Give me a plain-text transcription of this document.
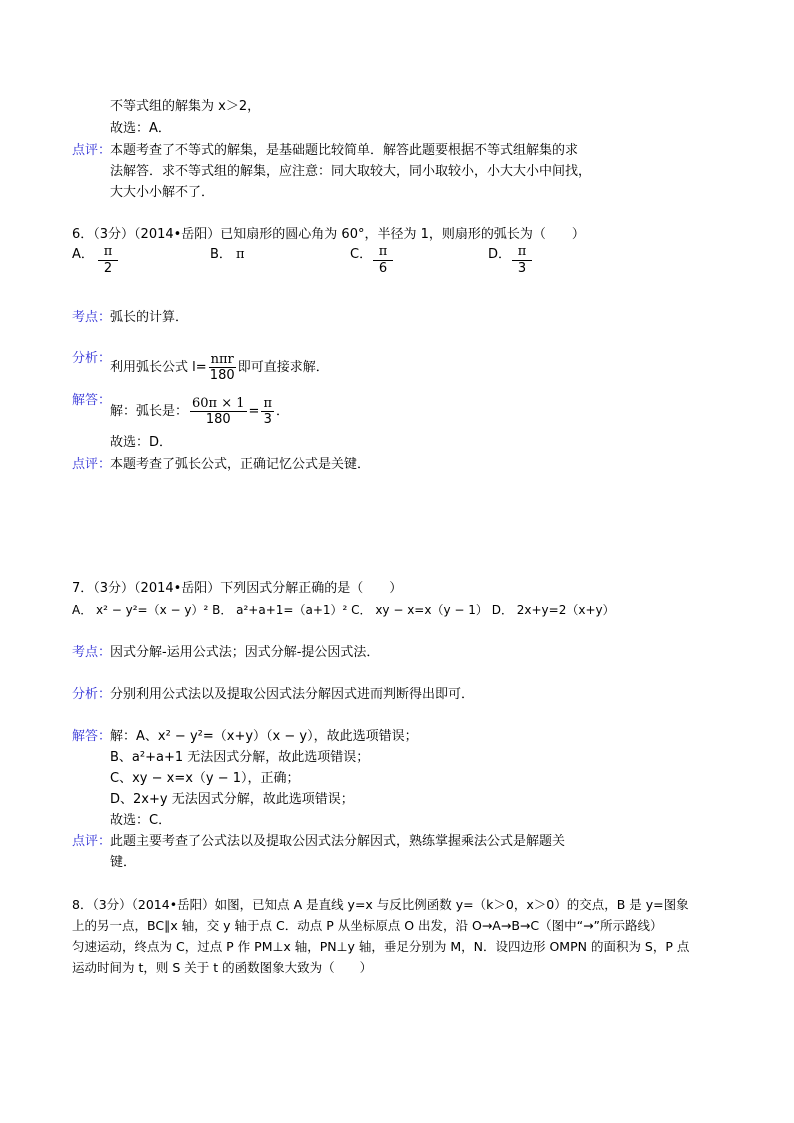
不等式组的解集为 x＞2，
故选：A．
点评：
本题考查了不等式的解集，是基础题比较简单．解答此题要根据不等式组解集的求
法解答．求不等式组的解集，应注意：同大取较大，同小取较小，小大大小中间找，
大大小小解不了．
6．（3分）（2014•岳阳）已知扇形的圆心角为 60°，半径为 1，则扇形的弧长为（　　）
A． π
2
B． π	C． π
6
D． π
3
考点：
弧长的计算．
分析：
利用弧长公式 $l= \frac{\text{nπr}}{180}$ 即可直接求解．
解答：
解：弧长是： $\frac{60\pi \times 1}{180} = \frac{\pi}{3}$ ．
故选：D．
点评：
本题考查了弧长公式，正确记忆公式是关键．
7．（3分）（2014•岳阳）下列因式分解正确的是（　　）
A． x² − y²=（x − y）² B． a²+a+1=（a+1）² C． xy − x=x（y − 1） D． 2x+y=2（x+y）
考点：
因式分解-运用公式法；因式分解-提公因式法．
分析：
分别利用公式法以及提取公因式法分解因式进而判断得出即可．
解答：
解：A、x² − y²=（x+y）（x − y），故此选项错误；
B、a²+a+1 无法因式分解，故此选项错误；
C、xy − x=x（y − 1），正确；
D、2x+y 无法因式分解，故此选项错误；
故选：C．
点评：
此题主要考查了公式法以及提取公因式法分解因式，熟练掌握乘法公式是解题关
键．
8．（3分）（2014•岳阳）如图，已知点 A 是直线 y=x 与反比例函数 y=（k＞0，x＞0）的交点，B 是 y=图象
上的另一点，BC∥x 轴，交 y 轴于点 C．动点 P 从坐标原点 O 出发，沿 O→A→B→C（图中“→”所示路线）
匀速运动，终点为 C，过点 P 作 PM⊥x 轴，PN⊥y 轴，垂足分别为 M，N．设四边形 OMPN 的面积为 S，P 点
运动时间为 t，则 S 关于 t 的函数图象大致为（　　）
